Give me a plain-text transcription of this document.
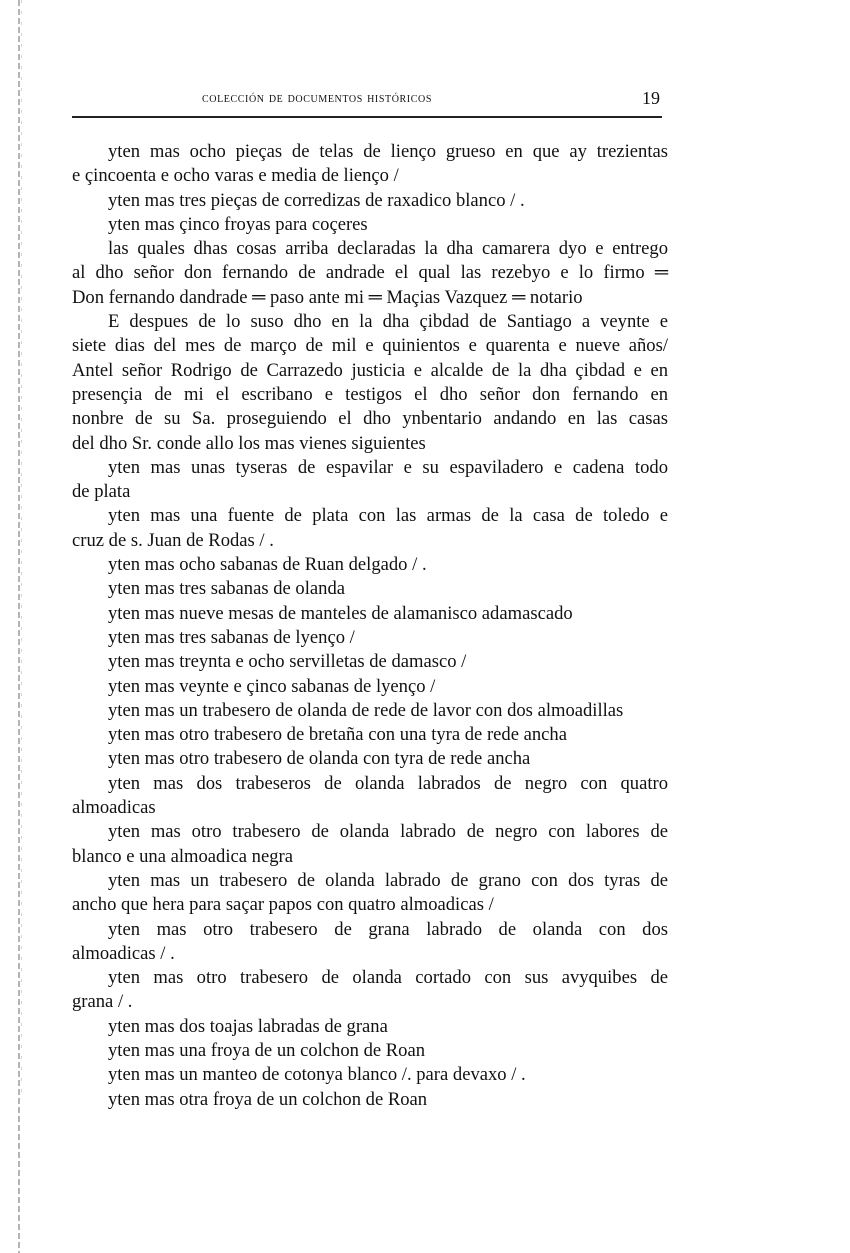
colección de documentos históricos	19
yten mas ocho pieças de telas de lienço grueso en que ay trezientas
e çincoenta e ocho varas e media de lienço /
yten mas tres pieças de corredizas de raxadico blanco / .
yten mas çinco froyas para coçeres
las quales dhas cosas arriba declaradas la dha camarera dyo e entrego
al dho señor don fernando de andrade el qual las rezebyo e lo firmo ═
Don fernando dandrade ═ paso ante mi ═ Maçias Vazquez ═ notario
E despues de lo suso dho en la dha çibdad de Santiago a veynte e
siete dias del mes de março de mil e quinientos e quarenta e nueve años/
Antel señor Rodrigo de Carrazedo justicia e alcalde de la dha çibdad e en
presençia de mi el escribano e testigos el dho señor don fernando en
nonbre de su Sa. proseguiendo el dho ynbentario andando en las casas
del dho Sr. conde allo los mas vienes siguientes
yten mas unas tyseras de espavilar e su espaviladero e cadena todo
de plata
yten mas una fuente de plata con las armas de la casa de toledo e
cruz de s. Juan de Rodas / .
yten mas ocho sabanas de Ruan delgado / .
yten mas tres sabanas de olanda
yten mas nueve mesas de manteles de alamanisco adamascado
yten mas tres sabanas de lyenço /
yten mas treynta e ocho servilletas de damasco /
yten mas veynte e çinco sabanas de lyenço /
yten mas un trabesero de olanda de rede de lavor con dos almoadillas
yten mas otro trabesero de bretaña con una tyra de rede ancha
yten mas otro trabesero de olanda con tyra de rede ancha
yten mas dos trabeseros de olanda labrados de negro con quatro
almoadicas
yten mas otro trabesero de olanda labrado de negro con labores de
blanco e una almoadica negra
yten mas un trabesero de olanda labrado de grano con dos tyras de
ancho que hera para saçar papos con quatro almoadicas /
yten mas otro trabesero de grana labrado de olanda con dos
almoadicas / .
yten mas otro trabesero de olanda cortado con sus avyquibes de
grana / .
yten mas dos toajas labradas de grana
yten mas una froya de un colchon de Roan
yten mas un manteo de cotonya blanco /. para devaxo / .
yten mas otra froya de un colchon de Roan
